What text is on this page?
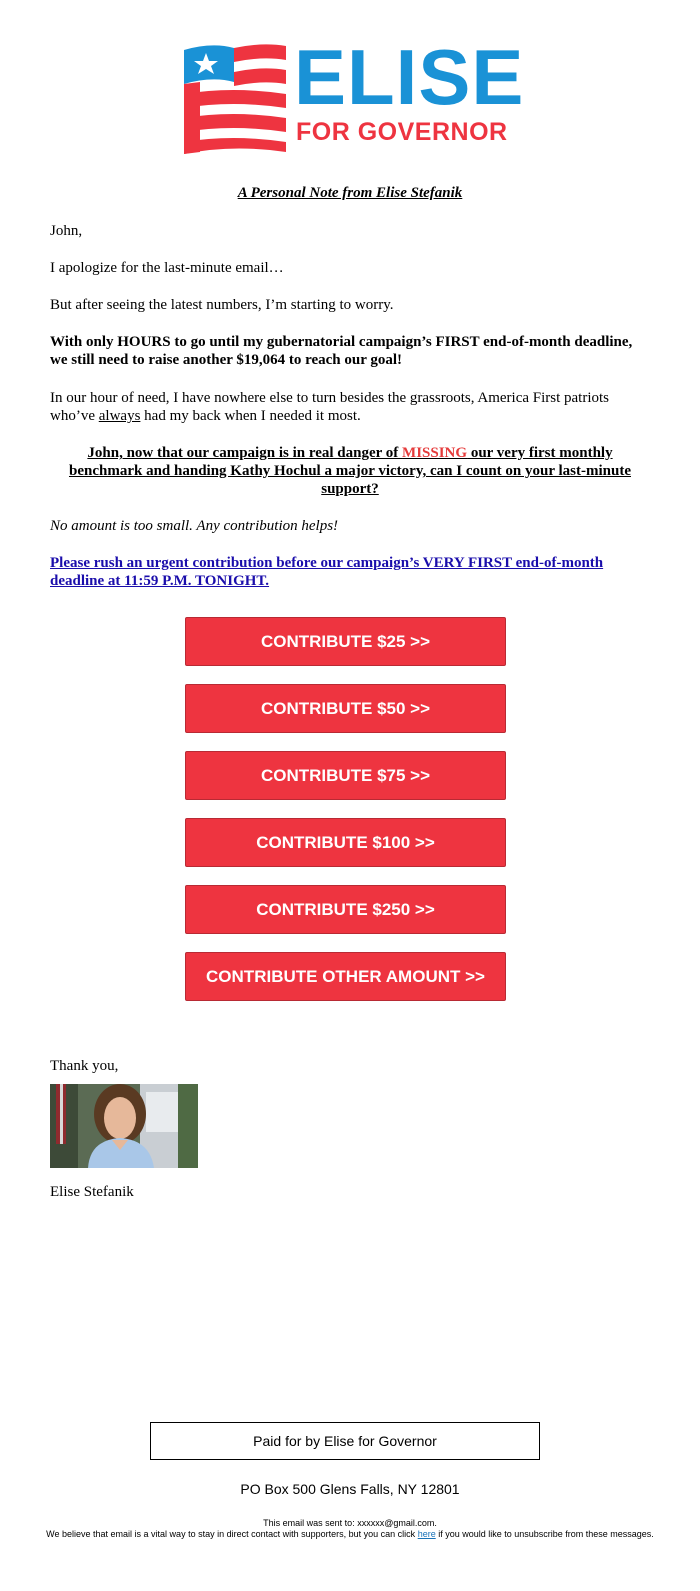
ELISE
FOR GOVERNOR
A Personal Note from Elise Stefanik

John,

I apologize for the last-minute email…

But after seeing the latest numbers, I’m starting to worry.

With only HOURS to go until my gubernatorial campaign’s FIRST end-of-month deadline, we still need to raise another $19,064 to reach our goal!

In our hour of need, I have nowhere else to turn besides the grassroots, America First patriots who’ve always had my back when I needed it most.

John, now that our campaign is in real danger of MISSING our very first monthly benchmark and handing Kathy Hochul a major victory, can I count on your last-minute support?

No amount is too small. Any contribution helps!

Please rush an urgent contribution before our campaign’s VERY FIRST end-of-month deadline at 11:59 P.M. TONIGHT.

CONTRIBUTE $25 >>
CONTRIBUTE $50 >>
CONTRIBUTE $75 >>
CONTRIBUTE $100 >>
CONTRIBUTE $250 >>
CONTRIBUTE OTHER AMOUNT >>

Thank you,

Elise Stefanik

Paid for by Elise for Governor
PO Box 500 Glens Falls, NY 12801
This email was sent to: xxxxxx@gmail.com.
We believe that email is a vital way to stay in direct contact with supporters, but you can click here if you would like to unsubscribe from these messages.
